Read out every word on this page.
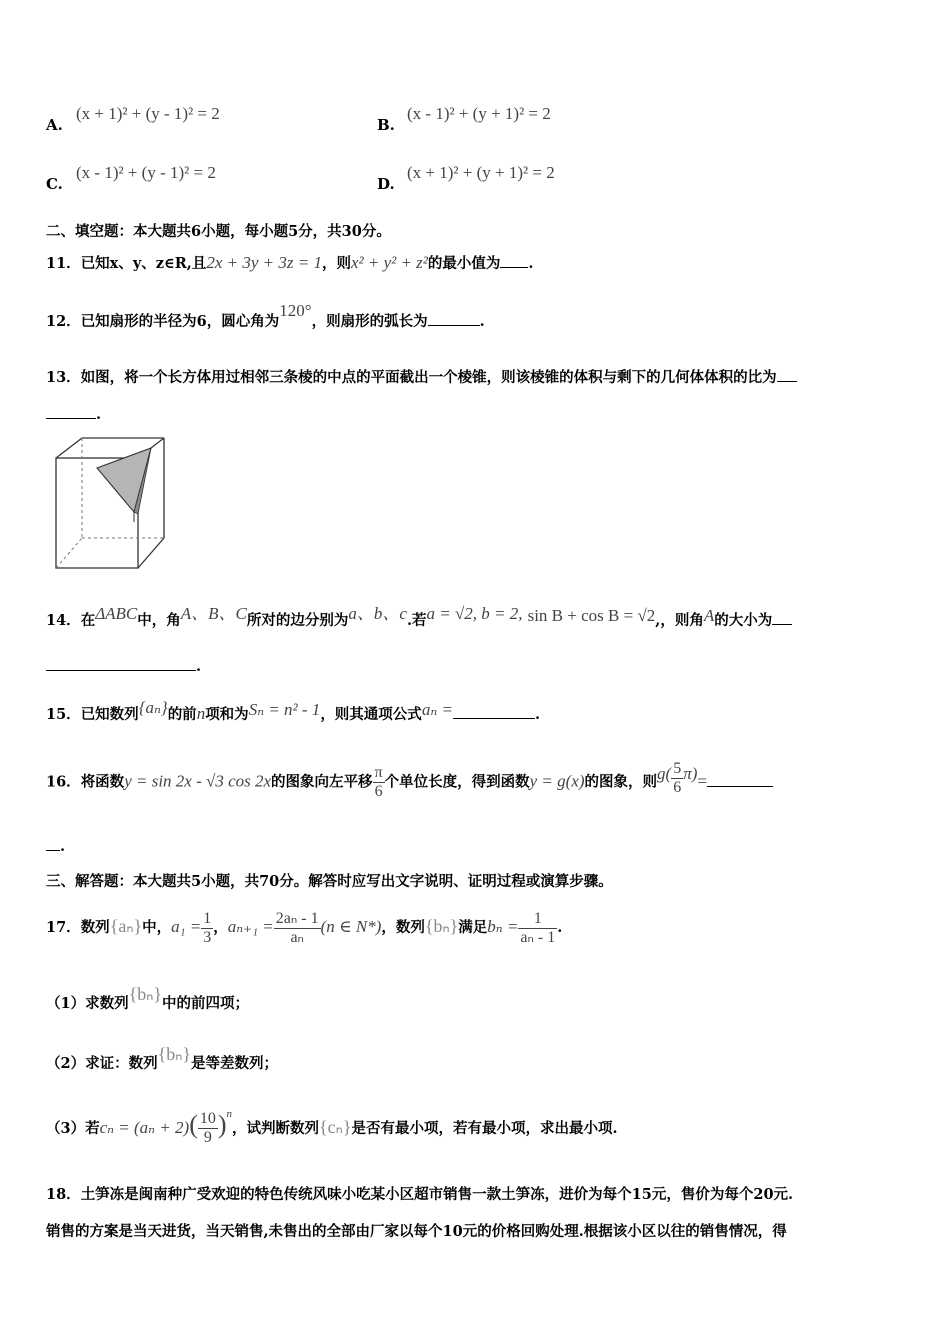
A.
(x + 1)² + (y - 1)² = 2
B.
(x - 1)² + (y + 1)² = 2
C.
(x - 1)² + (y - 1)² = 2
D.
(x + 1)² + (y + 1)² = 2
二、填空题：本大题共6小题，每小题5分，共30分。
11．已知x、y、z∈R,且2x + 3y + 3z = 1，则x² + y² + z²的最小值为 .
12．已知扇形的半径为6，圆心角为120°，则扇形的弧长为	.
13．如图，将一个长方体用过相邻三条棱的中点的平面截出一个棱锥，则该棱锥的体积与剩下的几何体体积的比为
.
14．在ΔABC中，角A、B、C所对的边分别为a、b、c.若a = √2, b = 2, sin B + cos B = √2,，则角A的大小为
.
15．已知数列{aₙ}的前n项和为Sₙ = n² - 1，则其通项公式aₙ =	.
16．将函数y = sin 2x - √3 cos 2x的图象向左平移 $\frac{\pi}{6}$ 个单位长度，得到函数y = g(x)的图象，则$g( \frac{5}{6} \pi)=$
.
三、解答题：本大题共5小题，共70分。解答时应写出文字说明、证明过程或演算步骤。
17．数列{aₙ}中，$a_1 = \frac{1}{3}$ ，$a_{n+1} = \frac{\text{2aₙ - 1}}{\text{aₙ}} (n$ ∈ N*)，数列{bₙ}满足$b_n = \frac{1}{\text{aₙ - 1}}$ .
（1）求数列{bₙ}中的前四项；
（2）求证：数列{bₙ}是等差数列；
（3）若$c_n = (a_n + 2)( \frac{10}{9} )^n$，试判断数列{cₙ}是否有最小项，若有最小项，求出最小项.
18．土笋冻是闽南种广受欢迎的特色传统风味小吃某小区超市销售一款土笋冻，进价为每个15元，售价为每个20元.
销售的方案是当天进货，当天销售,未售出的全部由厂家以每个10元的价格回购处理.根据该小区以往的销售情况，得
